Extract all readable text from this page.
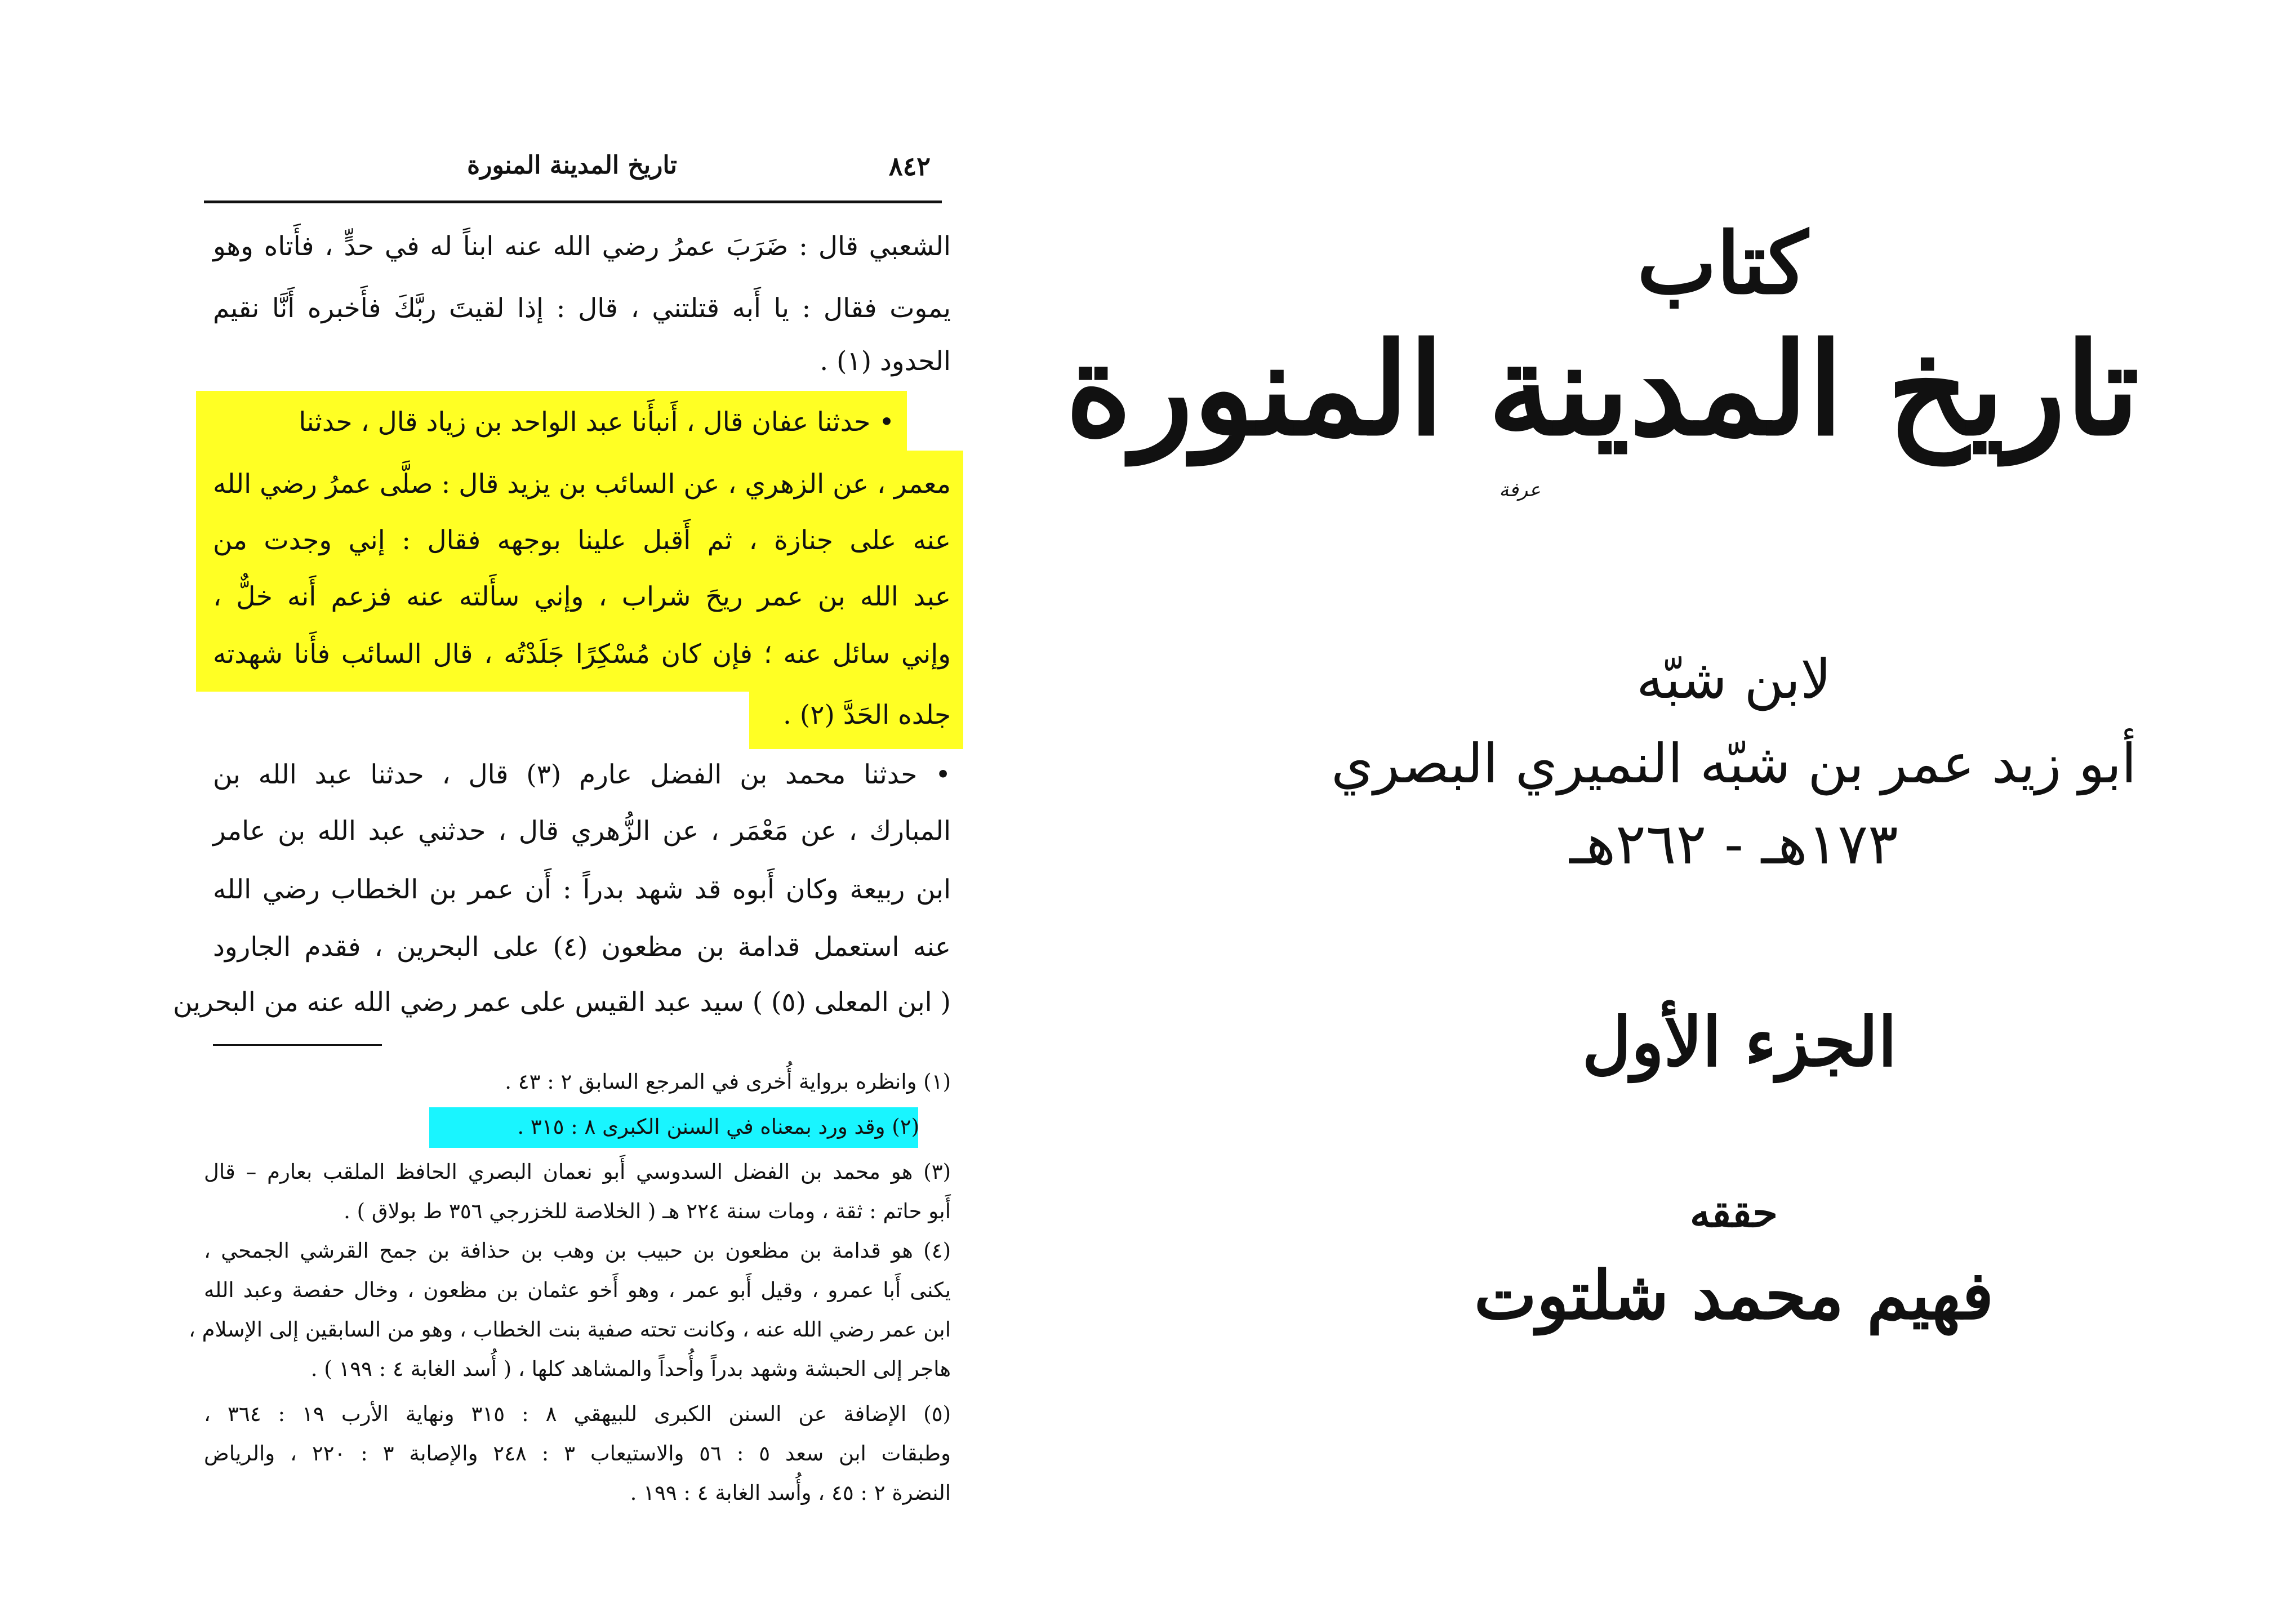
تاريخ المدينة المنورة	٨٤٢
الشعبي قال : ضَرَبَ عمرُ رضي الله عنه ابناً له في حدٍّ ، فأَتاه وهو
يموت فقال : يا أَبه قتلتني ، قال : إذا لقيتَ ربَّكَ فأَخبره أَنَّا نقيم
الحدود (١) .
• حدثنا عفان قال ، أَنبأَنا عبد الواحد بن زياد قال ، حدثنا
معمر ، عن الزهري ، عن السائب بن يزيد قال : صلَّى عمرُ رضي الله
عنه على جنازة ، ثم أَقبل علينا بوجهه فقال : إني وجدت من
عبد الله بن عمر ريحَ شراب ، وإني سأَلته عنه فزعم أَنه خلٌّ ،
وإني سائل عنه ؛ فإن كان مُسْكِرًا جَلَدْتُه ، قال السائب فأَنا شهدته
جلده الحَدَّ (٢) .
• حدثنا محمد بن الفضل عارم (٣) قال ، حدثنا عبد الله بن
المبارك ، عن مَعْمَر ، عن الزُّهري قال ، حدثني عبد الله بن عامر
ابن ربيعة وكان أَبوه قد شهد بدراً : أَن عمر بن الخطاب رضي الله
عنه استعمل قدامة بن مظعون (٤) على البحرين ، فقدم الجارود
( ابن المعلى (٥) ) سيد عبد القيس على عمر رضي الله عنه من البحرين
(١) وانظره برواية أُخرى في المرجع السابق ٢ : ٤٣ .
(٢) وقد ورد بمعناه في السنن الكبرى ٨ : ٣١٥ .
(٣) هو محمد بن الفضل السدوسي أَبو نعمان البصري الحافظ الملقب بعارم – قال
أَبو حاتم : ثقة ، ومات سنة ٢٢٤ هـ ( الخلاصة للخزرجي ٣٥٦ ط بولاق ) .
(٤) هو قدامة بن مظعون بن حبيب بن وهب بن حذافة بن جمح القرشي الجمحي ،
يكنى أَبا عمرو ، وقيل أَبو عمر ، وهو أَخو عثمان بن مظعون ، وخال حفصة وعبد الله
ابن عمر رضي الله عنه ، وكانت تحته صفية بنت الخطاب ، وهو من السابقين إلى الإسلام ،
هاجر إلى الحبشة وشهد بدراً وأُحداً والمشاهد كلها ، ( أُسد الغابة ٤ : ١٩٩ ) .
(٥) الإضافة عن السنن الكبرى للبيهقي ٨ : ٣١٥ ونهاية الأرب ١٩ : ٣٦٤ ،
وطبقات ابن سعد ٥ : ٥٦ والاستيعاب ٣ : ٢٤٨ والإصابة ٣ : ٢٢٠ ، والرياض
النضرة ٢ : ٤٥ ، وأُسد الغابة ٤ : ١٩٩ .
كتاب
تاريخ المدينة المنورة
عرفة
لابن شبّه
أبو زيد عمر بن شبّه النميري البصري
١٧٣هـ - ٢٦٢هـ
الجزء الأول
حققه
فهيم محمد شلتوت
